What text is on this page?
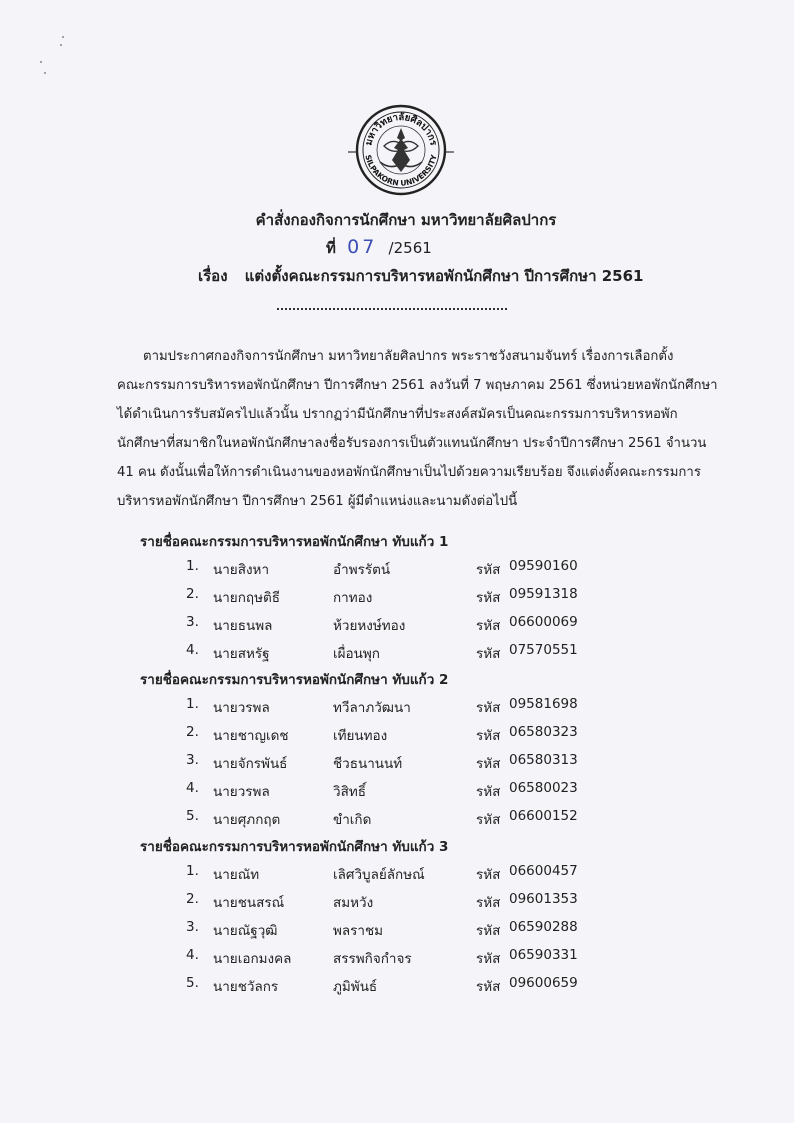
มหาวิทยาลัยศิลปากร
SILPAKORN UNIVERSITY
คำสั่งกองกิจการนักศึกษา มหาวิทยาลัยศิลปากร
ที่ 07 /2561
เรื่อง แต่งตั้งคณะกรรมการบริหารหอพักนักศึกษา ปีการศึกษา 2561
ตามประกาศกองกิจการนักศึกษา มหาวิทยาลัยศิลปากร พระราชวังสนามจันทร์ เรื่องการเลือกตั้ง
คณะกรรมการบริหารหอพักนักศึกษา ปีการศึกษา 2561 ลงวันที่ 7 พฤษภาคม 2561 ซึ่งหน่วยหอพักนักศึกษา
ได้ดำเนินการรับสมัครไปแล้วนั้น ปรากฏว่ามีนักศึกษาที่ประสงค์สมัครเป็นคณะกรรมการบริหารหอพัก
นักศึกษาที่สมาชิกในหอพักนักศึกษาลงชื่อรับรองการเป็นตัวแทนนักศึกษา ประจำปีการศึกษา 2561 จำนวน
41 คน ดังนั้นเพื่อให้การดำเนินงานของหอพักนักศึกษาเป็นไปด้วยความเรียบร้อย จึงแต่งตั้งคณะกรรมการ
บริหารหอพักนักศึกษา ปีการศึกษา 2561 ผู้มีตำแหน่งและนามดังต่อไปนี้
รายชื่อคณะกรรมการบริหารหอพักนักศึกษา ทับแก้ว 1
1. นายสิงหา	อำพรรัตน์	รหัส 09590160
2. นายกฤษติธี	กาทอง	รหัส 09591318
3. นายธนพล	ห้วยหงษ์ทอง	รหัส 06600069
4. นายสหรัฐ	เผื่อนพุก	รหัส 07570551
รายชื่อคณะกรรมการบริหารหอพักนักศึกษา ทับแก้ว 2
1. นายวรพล	ทวีลาภวัฒนา	รหัส 09581698
2. นายชาญเดช	เทียนทอง	รหัส 06580323
3. นายจักรพันธ์	ชีวธนานนท์	รหัส 06580313
4. นายวรพล	วิสิทธิ์	รหัส 06580023
5. นายศุภกฤต	ขำเกิด	รหัส 06600152
รายชื่อคณะกรรมการบริหารหอพักนักศึกษา ทับแก้ว 3
1. นายณัท	เลิศวิบูลย์ลักษณ์	รหัส 06600457
2. นายชนสรณ์	สมหวัง	รหัส 09601353
3. นายณัฐวุฒิ	พลราชม	รหัส 06590288
4. นายเอกมงคล	สรรพกิจกำจร	รหัส 06590331
5. นายชวัลกร	ภูมิพันธ์	รหัส 09600659
